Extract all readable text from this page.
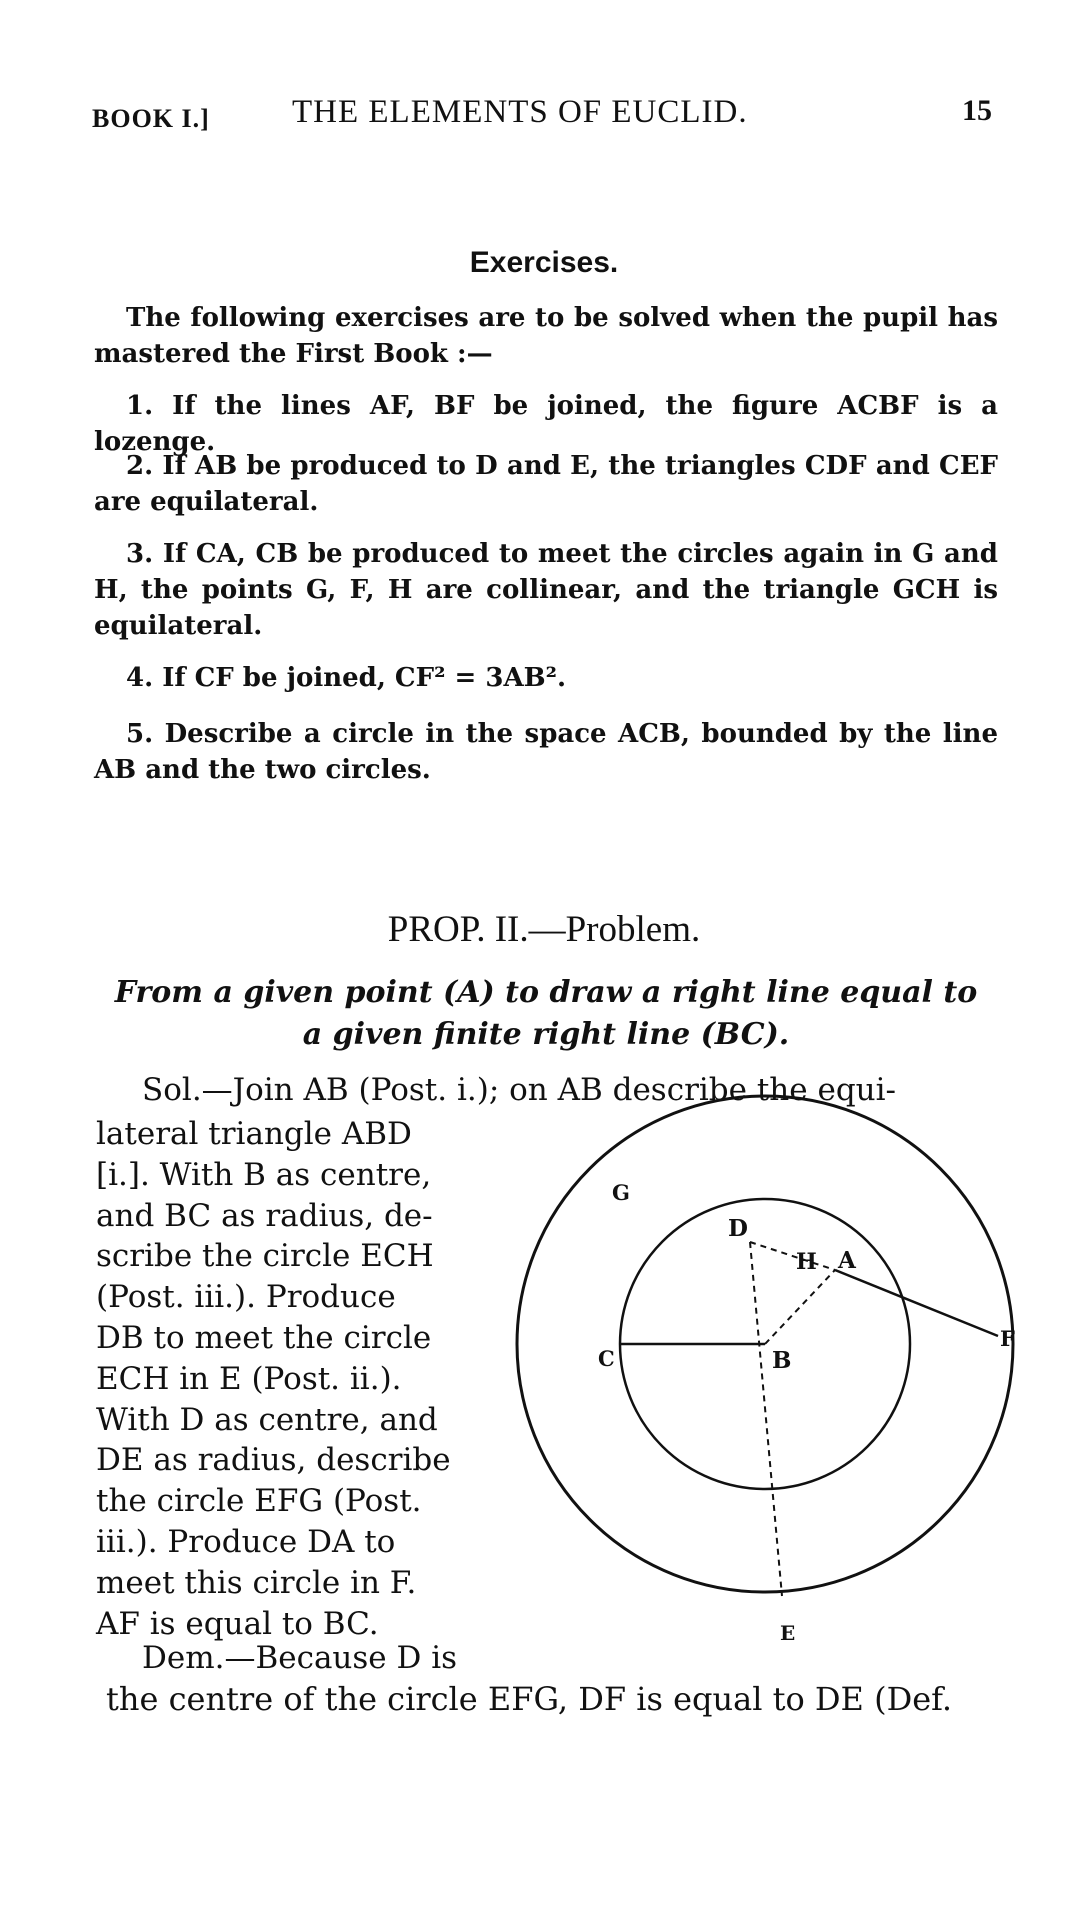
BOOK I.] THE ELEMENTS OF EUCLID.	15
Exercises.
The following exercises are to be solved when the pupil has mastered the First Book :—
1. If the lines AF, BF be joined, the figure ACBF is a lozenge.
2. If AB be produced to D and E, the triangles CDF and CEF are equilateral.
3. If CA, CB be produced to meet the circles again in G and H, the points G, F, H are collinear, and the triangle GCH is equilateral.
4. If CF be joined, CF² = 3AB².
5. Describe a circle in the space ACB, bounded by the line AB and the two circles.
PROP. II.—Problem.
From a given point (A) to draw a right line equal to
a given finite right line (BC).
Sol.—Join AB (Post. i.); on AB describe the equi-
lateral triangle ABD
[i.]. With B as centre,
and BC as radius, de-
scribe the circle ECH
(Post. iii.). Produce
DB to meet the circle
ECH in E (Post. ii.).
With D as centre, and
DE as radius, describe
the circle EFG (Post.
iii.). Produce DA to
meet this circle in F.
AF is equal to BC.
Dem.—Because D is
the centre of the circle EFG, DF is equal to DE (Def.
G
H
D
A
B
C
E
F
